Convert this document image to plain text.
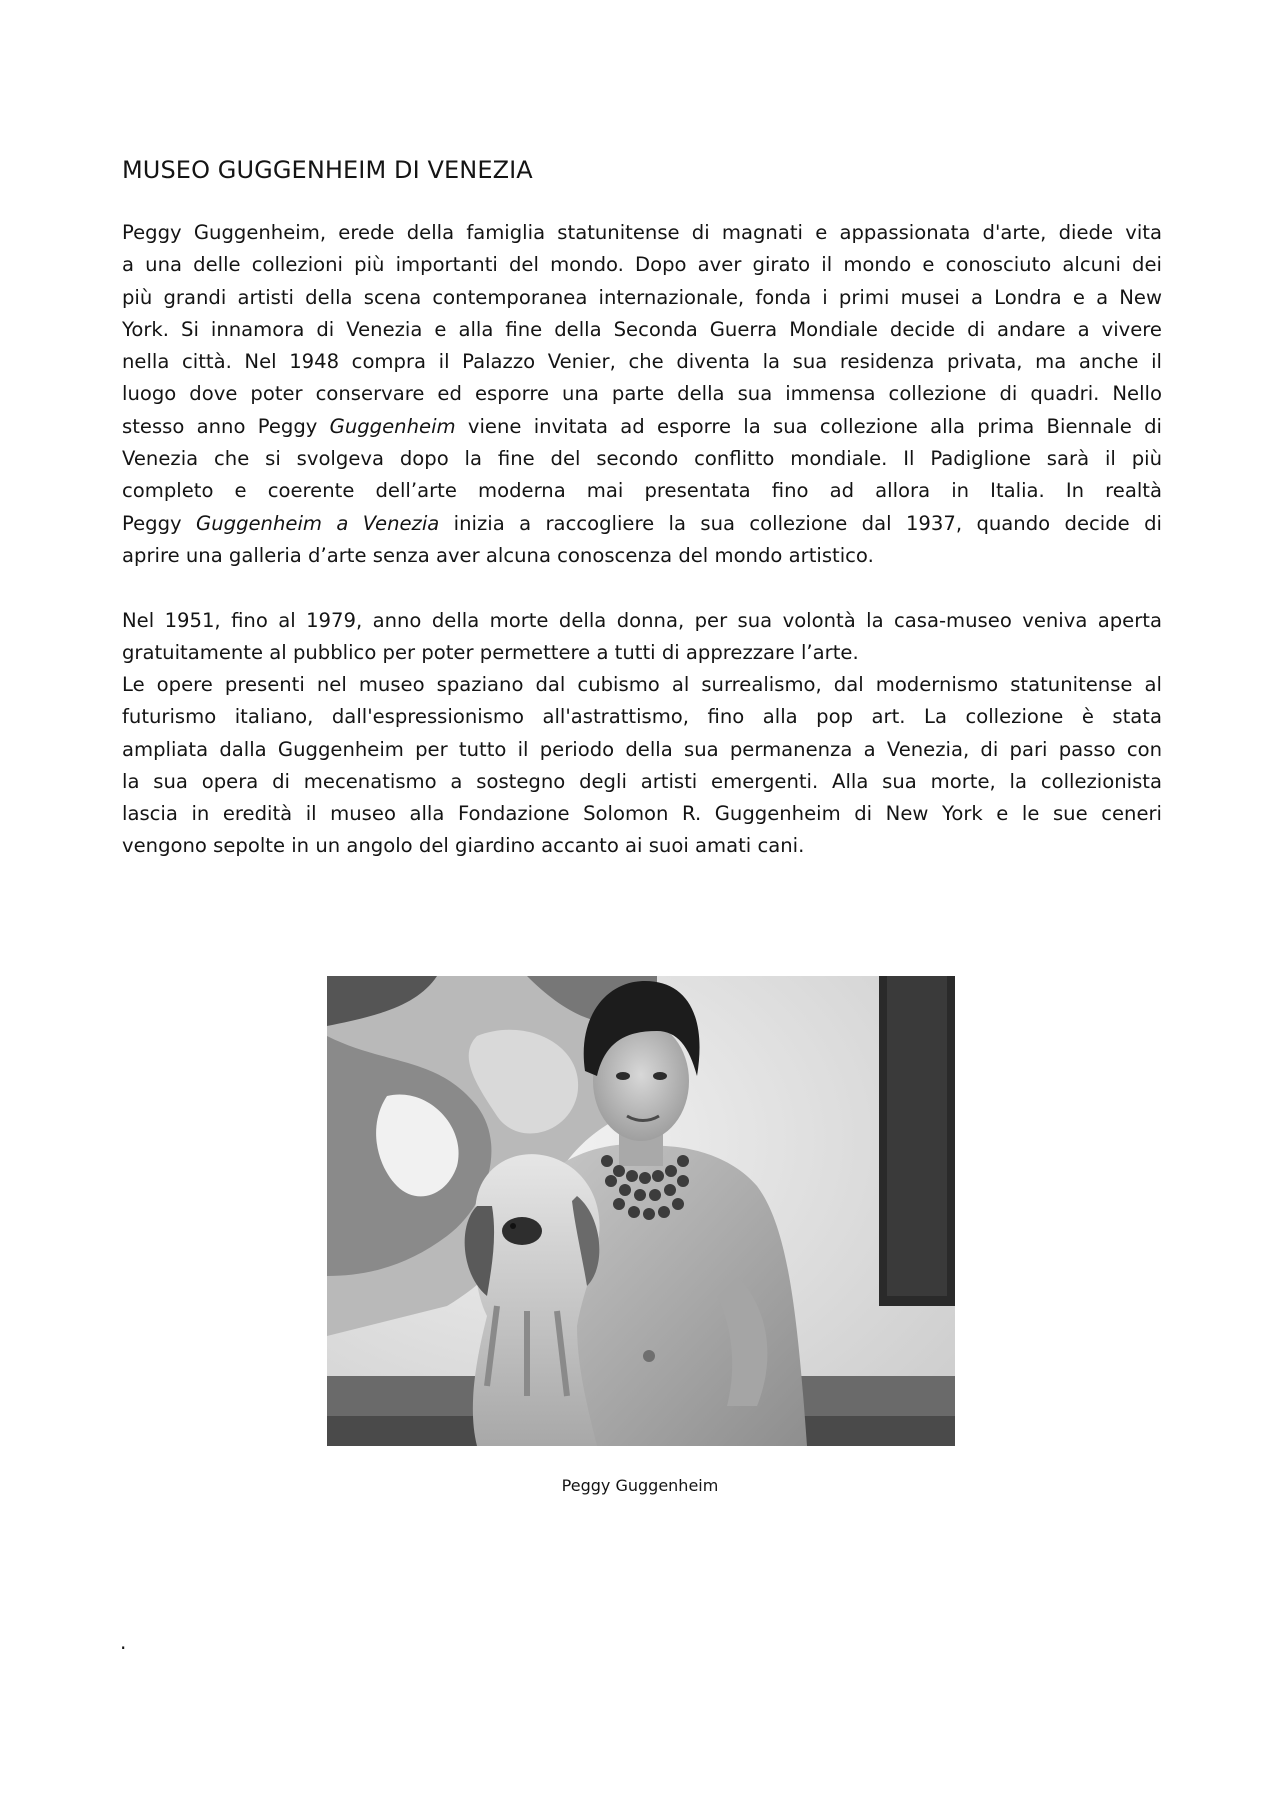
MUSEO GUGGENHEIM DI VENEZIA

Peggy Guggenheim, erede della famiglia statunitense di magnati e appassionata d'arte, diede vita
a una delle collezioni più importanti del mondo. Dopo aver girato il mondo e conosciuto alcuni dei
più grandi artisti della scena contemporanea internazionale, fonda i primi musei a Londra e a New
York. Si innamora di Venezia e alla fine della Seconda Guerra Mondiale decide di andare a vivere
nella città. Nel 1948 compra il Palazzo Venier, che diventa la sua residenza privata, ma anche il
luogo dove poter conservare ed esporre una parte della sua immensa collezione di quadri. Nello
stesso anno Peggy Guggenheim viene invitata ad esporre la sua collezione alla prima Biennale di
Venezia che si svolgeva dopo la fine del secondo conflitto mondiale. Il Padiglione sarà il più
completo e coerente dell’arte moderna mai presentata fino ad allora in Italia. In realtà
Peggy Guggenheim a Venezia inizia a raccogliere la sua collezione dal 1937, quando decide di
aprire una galleria d’arte senza aver alcuna conoscenza del mondo artistico.

Nel 1951, fino al 1979, anno della morte della donna, per sua volontà la casa-museo veniva aperta
gratuitamente al pubblico per poter permettere a tutti di apprezzare l’arte.

Le opere presenti nel museo spaziano dal cubismo al surrealismo, dal modernismo statunitense al
futurismo italiano, dall'espressionismo all'astrattismo, fino alla pop art. La collezione è stata
ampliata dalla Guggenheim per tutto il periodo della sua permanenza a Venezia, di pari passo con
la sua opera di mecenatismo a sostegno degli artisti emergenti. Alla sua morte, la collezionista
lascia in eredità il museo alla Fondazione Solomon R. Guggenheim di New York e le sue ceneri
vengono sepolte in un angolo del giardino accanto ai suoi amati cani.

Peggy Guggenheim

.
